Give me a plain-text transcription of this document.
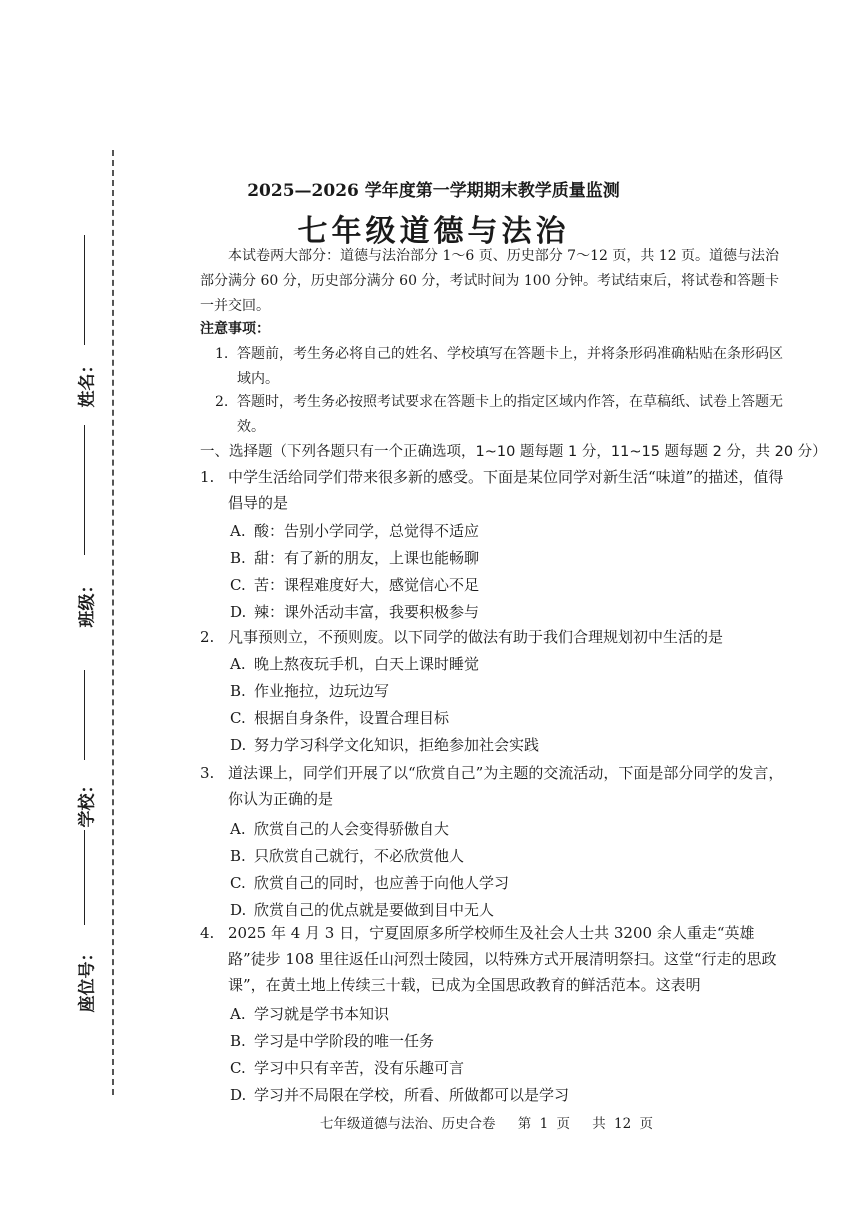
姓名：
班级：
学校：
座位号：
2025—2026 学年度第一学期期末教学质量监测
七年级道德与法治
本试卷两大部分：道德与法治部分 1～6 页、历史部分 7～12 页，共 12 页。道德与法治部分满分 60 分，历史部分满分 60 分，考试时间为 100 分钟。考试结束后，将试卷和答题卡一并交回。
注意事项：
1. 答题前，考生务必将自己的姓名、学校填写在答题卡上，并将条形码准确粘贴在条形码区域内。
2. 答题时，考生务必按照考试要求在答题卡上的指定区域内作答，在草稿纸、试卷上答题无效。
一、选择题（下列各题只有一个正确选项，1~10 题每题 1 分，11~15 题每题 2 分，共 20 分）
1. 中学生活给同学们带来很多新的感受。下面是某位同学对新生活“味道”的描述，值得倡导的是
A. 酸：告别小学同学，总觉得不适应
B. 甜：有了新的朋友，上课也能畅聊
C. 苦：课程难度好大，感觉信心不足
D. 辣：课外活动丰富，我要积极参与
2. 凡事预则立，不预则废。以下同学的做法有助于我们合理规划初中生活的是
A. 晚上熬夜玩手机，白天上课时睡觉
B. 作业拖拉，边玩边写
C. 根据自身条件，设置合理目标
D. 努力学习科学文化知识，拒绝参加社会实践
3. 道法课上，同学们开展了以“欣赏自己”为主题的交流活动，下面是部分同学的发言，你认为正确的是
A. 欣赏自己的人会变得骄傲自大
B. 只欣赏自己就行，不必欣赏他人
C. 欣赏自己的同时，也应善于向他人学习
D. 欣赏自己的优点就是要做到目中无人
4. 2025 年 4 月 3 日，宁夏固原多所学校师生及社会人士共 3200 余人重走“英雄路”徒步 108 里往返任山河烈士陵园，以特殊方式开展清明祭扫。这堂“行走的思政课”，在黄土地上传续三十载，已成为全国思政教育的鲜活范本。这表明
A. 学习就是学书本知识
B. 学习是中学阶段的唯一任务
C. 学习中只有辛苦，没有乐趣可言
D. 学习并不局限在学校，所看、所做都可以是学习
七年级道德与法治、历史合卷 第 1 页 共 12 页
